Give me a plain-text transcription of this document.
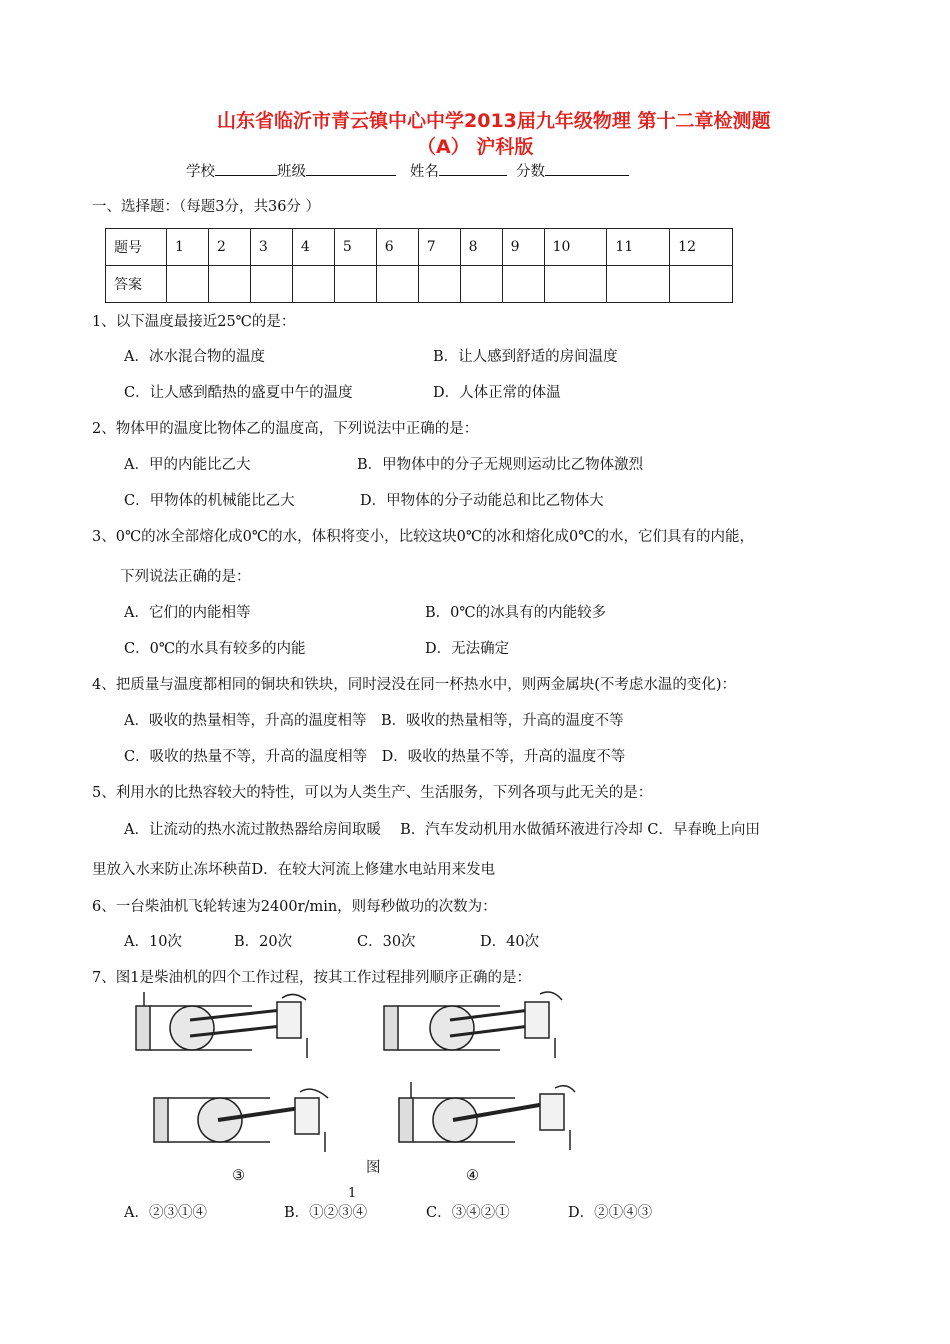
山东省临沂市青云镇中心中学2013届九年级物理 第十二章检测题
（A） 沪科版
学校	班级	姓名	分数
一、选择题：（每题3分，共36分 ）
题号	1	2	3	4	5	6	7	8	9	10	11	12
答案												
1、以下温度最接近25℃的是：
A．冰水混合物的温度	B．让人感到舒适的房间温度
C．让人感到酷热的盛夏中午的温度	D．人体正常的体温
2、物体甲的温度比物体乙的温度高，下列说法中正确的是：
A．甲的内能比乙大	B．甲物体中的分子无规则运动比乙物体激烈
C．甲物体的机械能比乙大	D．甲物体的分子动能总和比乙物体大
3、0℃的冰全部熔化成0℃的水，体积将变小，比较这块0℃的冰和熔化成0℃的水，它们具有的内能，
下列说法正确的是：
A．它们的内能相等	B．0℃的冰具有的内能较多
C．0℃的水具有较多的内能	D．无法确定
4、把质量与温度都相同的铜块和铁块，同时浸没在同一杯热水中，则两金属块(不考虑水温的变化)：
A．吸收的热量相等，升高的温度相等　B．吸收的热量相等，升高的温度不等
C．吸收的热量不等，升高的温度相等　D．吸收的热量不等，升高的温度不等
5、利用水的比热容较大的特性，可以为人类生产、生活服务，下列各项与此无关的是：
A．让流动的热水流过散热器给房间取暖　 B．汽车发动机用水做循环液进行冷却 C．早春晚上向田
里放入水来防止冻坏秧苗D．在较大河流上修建水电站用来发电
6、一台柴油机飞轮转速为2400r/min，则每秒做功的次数为：
A．10次	B．20次	C．30次	D．40次
7、图1是柴油机的四个工作过程，按其工作过程排列顺序正确的是：
③	图	④
1
A．②③①④	B．①②③④	C．③④②①	D．②①④③
